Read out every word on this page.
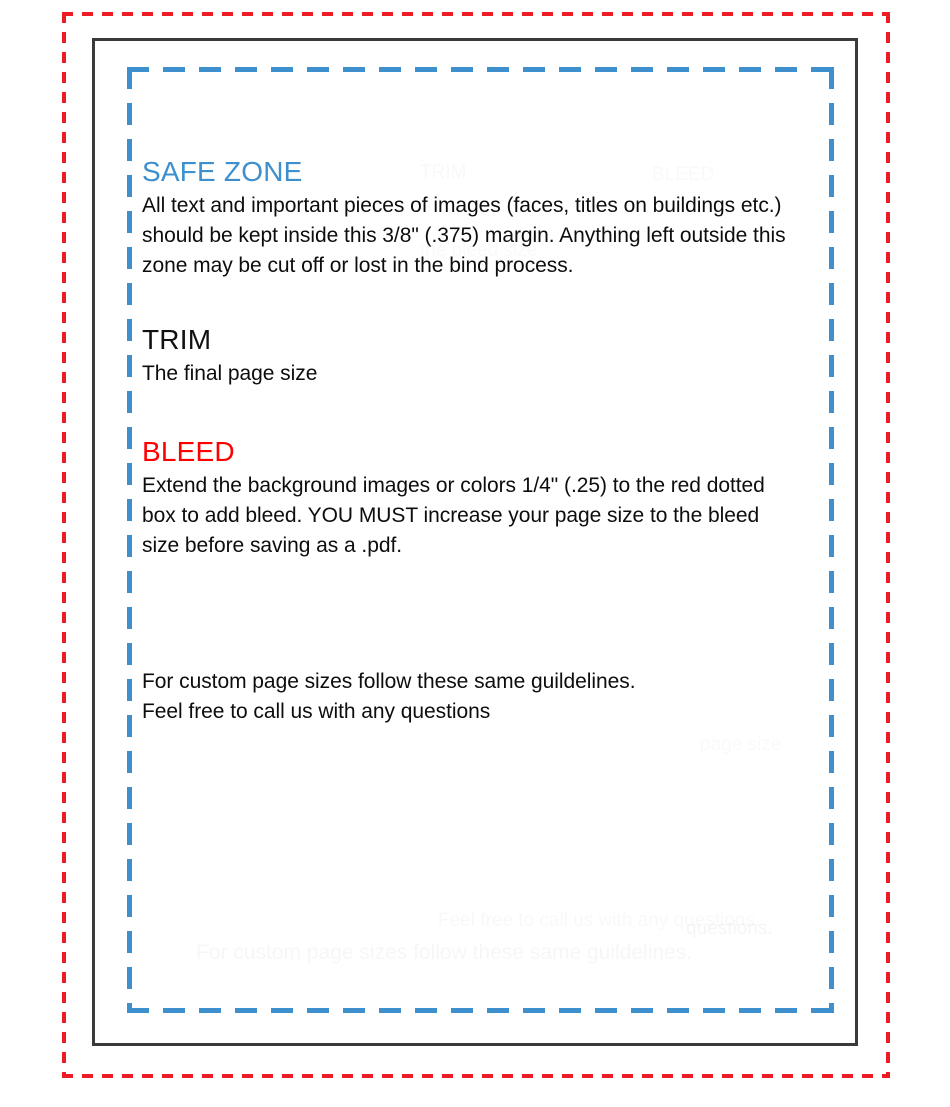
SAFE ZONE

All text and important pieces of images (faces, titles on buildings etc.) should be kept inside this 3/8" (.375) margin. Anything left outside this zone may be cut off or lost in the bind process.

TRIM

The final page size

BLEED

Extend the background images or colors 1/4" (.25) to the red dotted box to add bleed. YOU MUST increase your page size to the bleed size before saving as a .pdf.

For custom page sizes follow these same guildelines.

Feel free to call us with any questions
